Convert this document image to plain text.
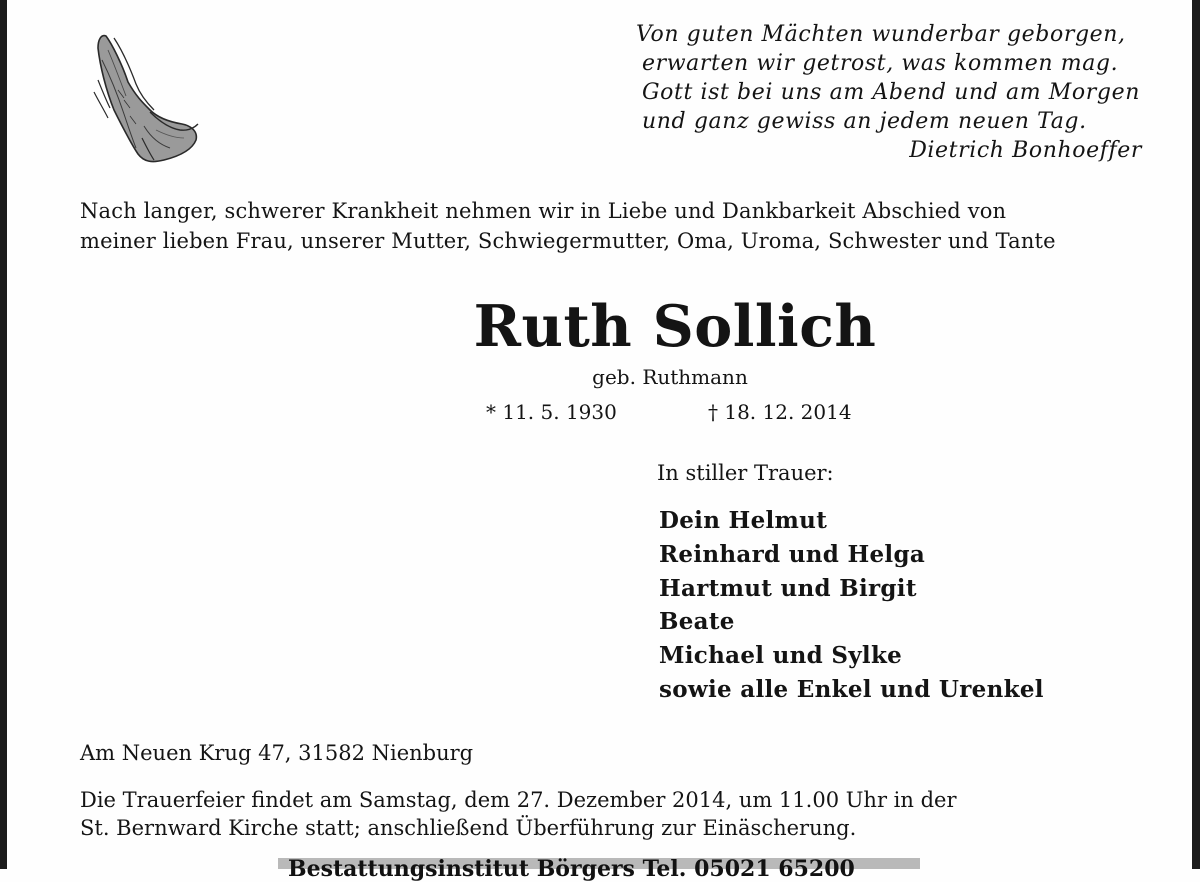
Von guten Mächten wunderbar geborgen,
erwarten wir getrost, was kommen mag.
Gott ist bei uns am Abend und am Morgen
und ganz gewiss an jedem neuen Tag.
Dietrich Bonhoeffer
Nach langer, schwerer Krankheit nehmen wir in Liebe und Dankbarkeit Abschied von
meiner lieben Frau, unserer Mutter, Schwiegermutter, Oma, Uroma, Schwester und Tante
Ruth Sollich
geb. Ruthmann
* 11. 5. 1930	† 18. 12. 2014
In stiller Trauer:
Dein Helmut
Reinhard und Helga
Hartmut und Birgit
Beate
Michael und Sylke
sowie alle Enkel und Urenkel
Am Neuen Krug 47, 31582 Nienburg
Die Trauerfeier findet am Samstag, dem 27. Dezember 2014, um 11.00 Uhr in der
St. Bernward Kirche statt; anschließend Überführung zur Einäscherung.
Bestattungsinstitut Börgers Tel. 05021 65200
